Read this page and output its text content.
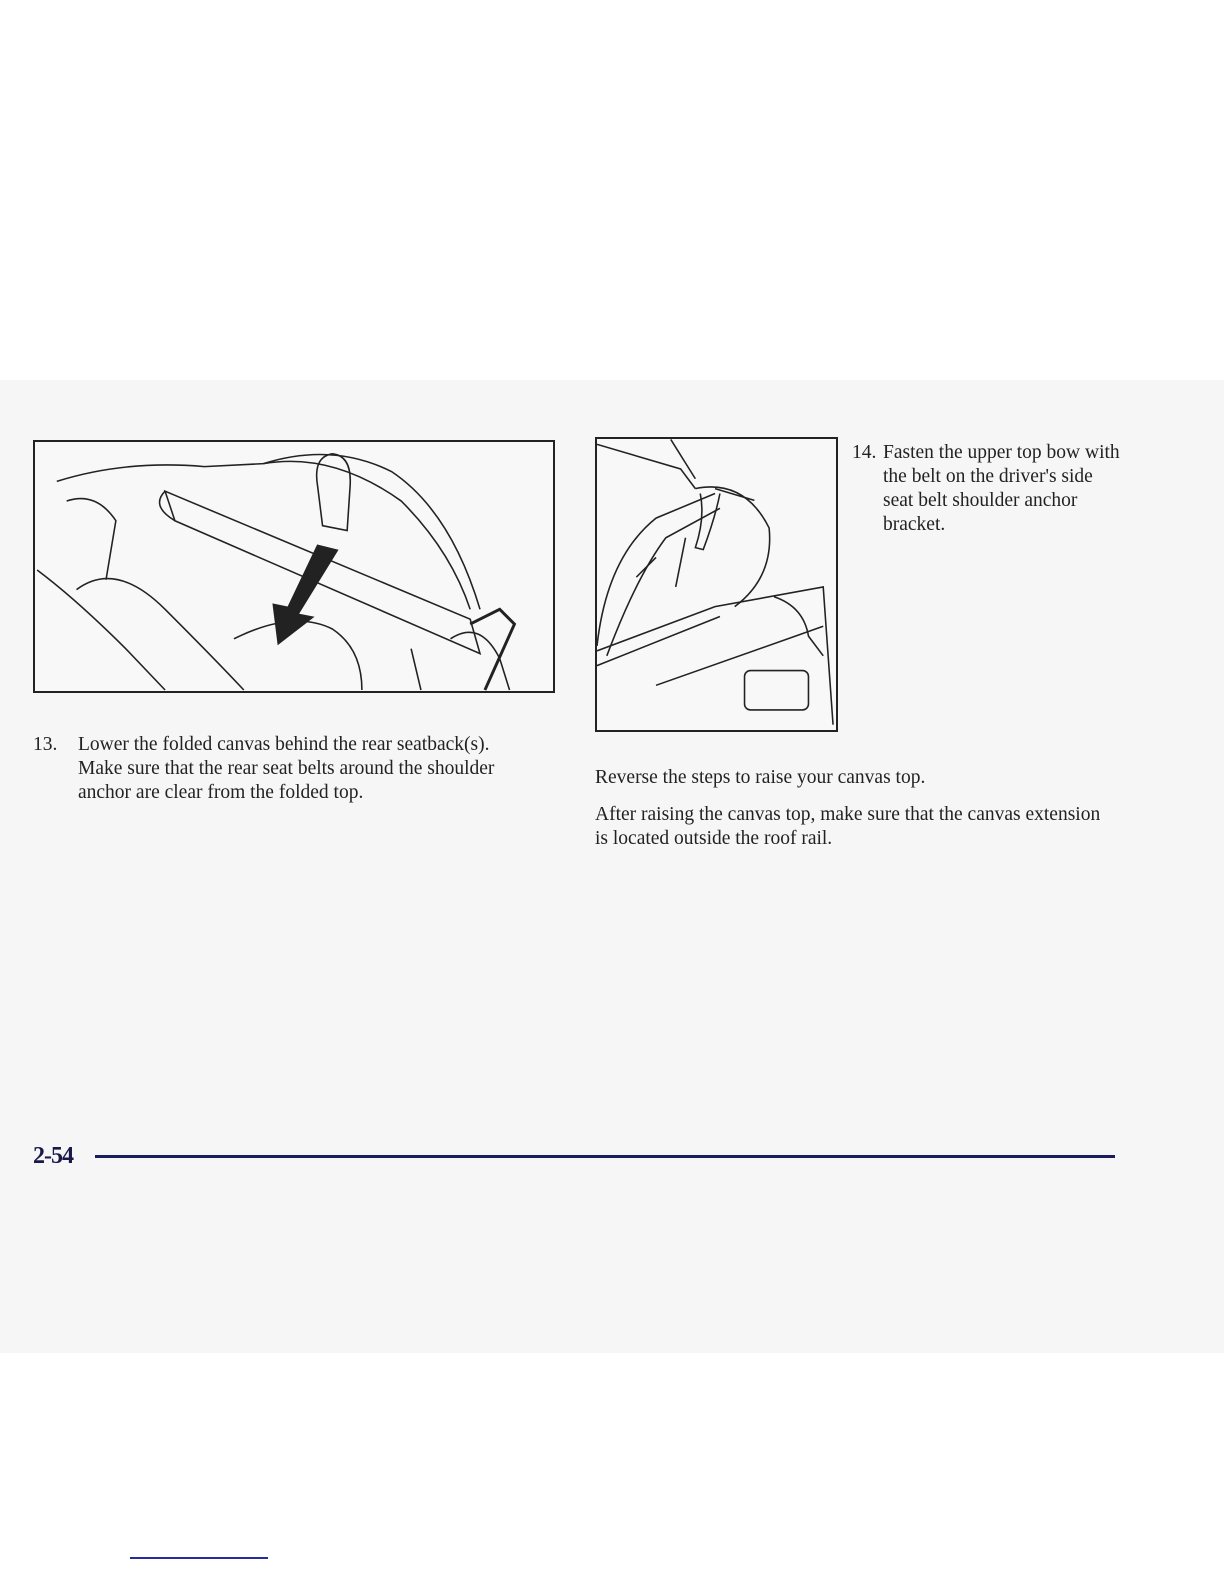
14. Fasten the upper top bow with the belt on the driver's side seat belt shoulder anchor bracket.
13. Lower the folded canvas behind the rear seatback(s). Make sure that the rear seat belts around the shoulder anchor are clear from the folded top.
Reverse the steps to raise your canvas top.
After raising the canvas top, make sure that the canvas extension is located outside the roof rail.
2-54
